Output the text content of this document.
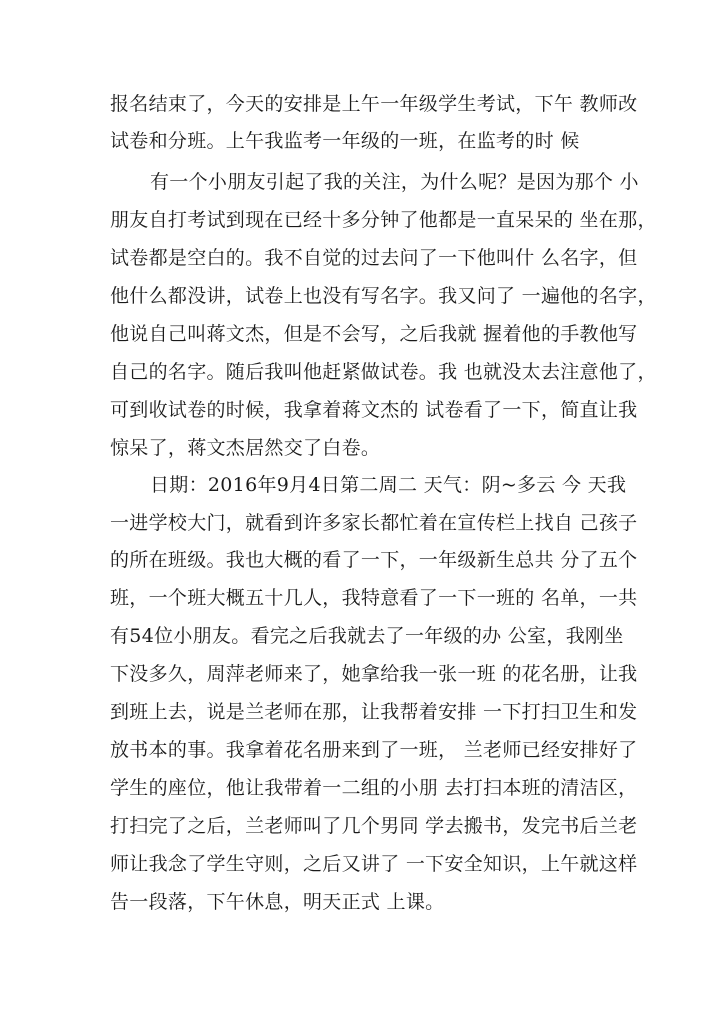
报名结束了，今天的安排是上午一年级学生考试，下午 教师改
试卷和分班。上午我监考一年级的一班，在监考的时 候
有一个小朋友引起了我的关注，为什么呢？是因为那个 小
朋友自打考试到现在已经十多分钟了他都是一直呆呆的 坐在那，
试卷都是空白的。我不自觉的过去问了一下他叫什 么名字，但
他什么都没讲，试卷上也没有写名字。我又问了 一遍他的名字，
他说自己叫蒋文杰，但是不会写，之后我就 握着他的手教他写
自己的名字。随后我叫他赶紧做试卷。我 也就没太去注意他了，
可到收试卷的时候，我拿着蒋文杰的 试卷看了一下，简直让我
惊呆了，蒋文杰居然交了白卷。
日期：2016年9月4日第二周二 天气：阴~多云 今 天我
一进学校大门，就看到许多家长都忙着在宣传栏上找自 己孩子
的所在班级。我也大概的看了一下，一年级新生总共 分了五个
班，一个班大概五十几人，我特意看了一下一班的 名单，一共
有54位小朋友。看完之后我就去了一年级的办 公室，我刚坐
下没多久，周萍老师来了，她拿给我一张一班 的花名册，让我
到班上去，说是兰老师在那，让我帮着安排 一下打扫卫生和发
放书本的事。我拿着花名册来到了一班， 兰老师已经安排好了
学生的座位，他让我带着一二组的小朋 去打扫本班的清洁区，
打扫完了之后，兰老师叫了几个男同 学去搬书，发完书后兰老
师让我念了学生守则，之后又讲了 一下安全知识，上午就这样
告一段落，下午休息，明天正式 上课。
